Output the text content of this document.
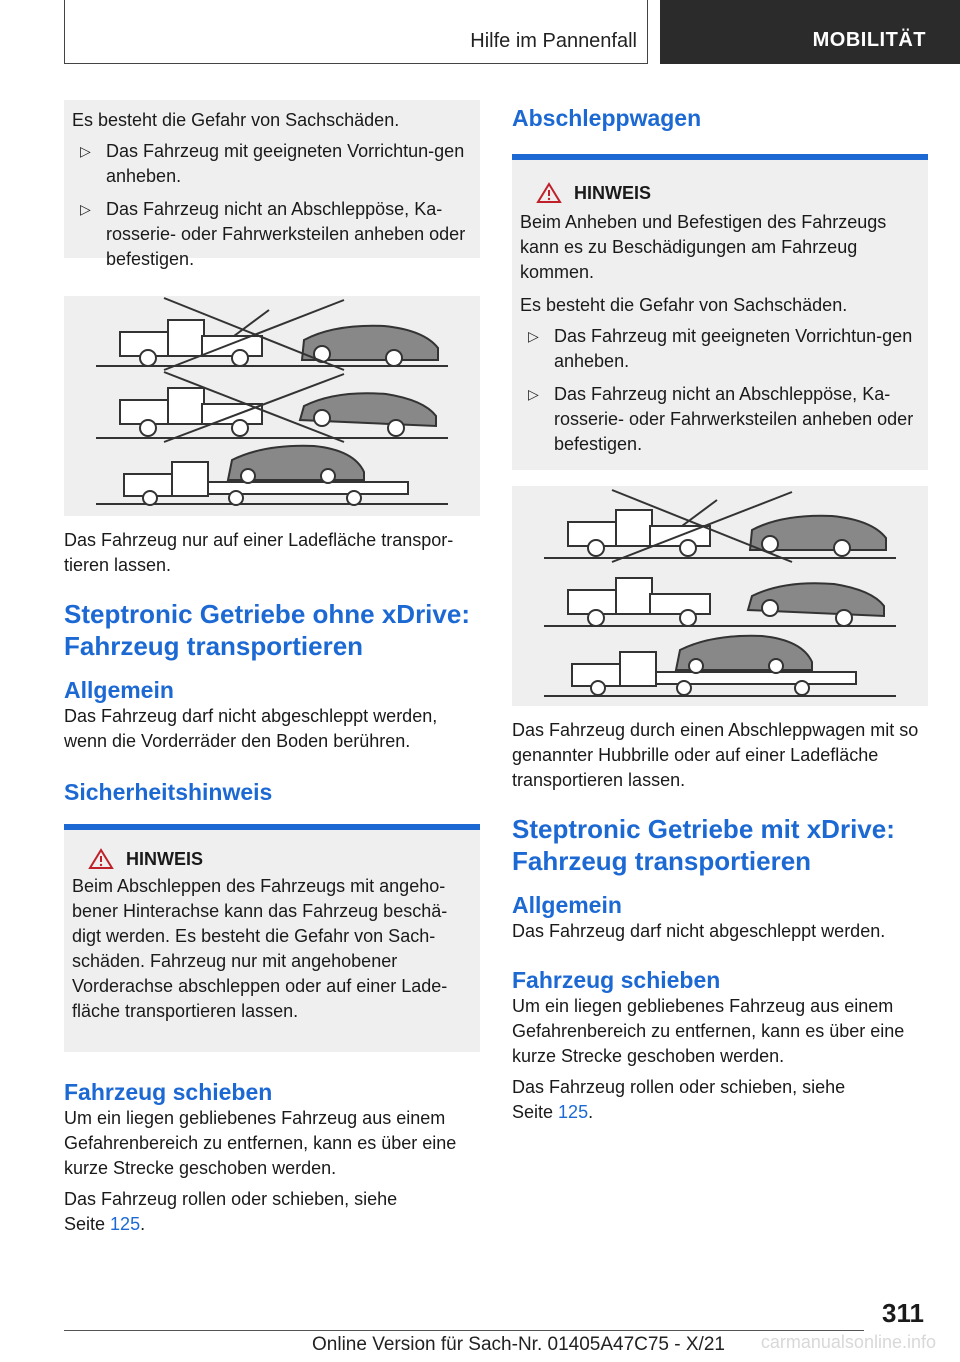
Hilfe im Pannenfall	MOBILITÄT

Es besteht die Gefahr von Sachschäden.

▷ Das Fahrzeug mit geeigneten Vorrichtun-gen anheben.
▷ Das Fahrzeug nicht an Abschleppöse, Ka-rosserie- oder Fahrwerksteilen anheben oder befestigen.

Das Fahrzeug nur auf einer Ladefläche transpor-tieren lassen.

Steptronic Getriebe ohne xDrive: Fahrzeug transportieren
Allgemein

Das Fahrzeug darf nicht abgeschleppt werden, wenn die Vorderräder den Boden berühren.

Sicherheitshinweis
HINWEIS

Beim Abschleppen des Fahrzeugs mit angeho-bener Hinterachse kann das Fahrzeug beschä-digt werden. Es besteht die Gefahr von Sach-schäden. Fahrzeug nur mit angehobener Vorderachse abschleppen oder auf einer Lade-fläche transportieren lassen.

Fahrzeug schieben

Um ein liegen gebliebenes Fahrzeug aus einem Gefahrenbereich zu entfernen, kann es über eine kurze Strecke geschoben werden.

Das Fahrzeug rollen oder schieben, siehe
Seite 125.

Abschleppwagen
HINWEIS

Beim Anheben und Befestigen des Fahrzeugs kann es zu Beschädigungen am Fahrzeug kommen.

Es besteht die Gefahr von Sachschäden.

▷ Das Fahrzeug mit geeigneten Vorrichtun-gen anheben.
▷ Das Fahrzeug nicht an Abschleppöse, Ka-rosserie- oder Fahrwerksteilen anheben oder befestigen.

Das Fahrzeug durch einen Abschleppwagen mit so genannter Hubbrille oder auf einer Ladefläche transportieren lassen.

Steptronic Getriebe mit xDrive: Fahrzeug transportieren
Allgemein

Das Fahrzeug darf nicht abgeschleppt werden.

Fahrzeug schieben

Um ein liegen gebliebenes Fahrzeug aus einem Gefahrenbereich zu entfernen, kann es über eine kurze Strecke geschoben werden.

Das Fahrzeug rollen oder schieben, siehe
Seite 125.

311
Online Version für Sach-Nr. 01405A47C75 - X/21 carmanualsonline.info
